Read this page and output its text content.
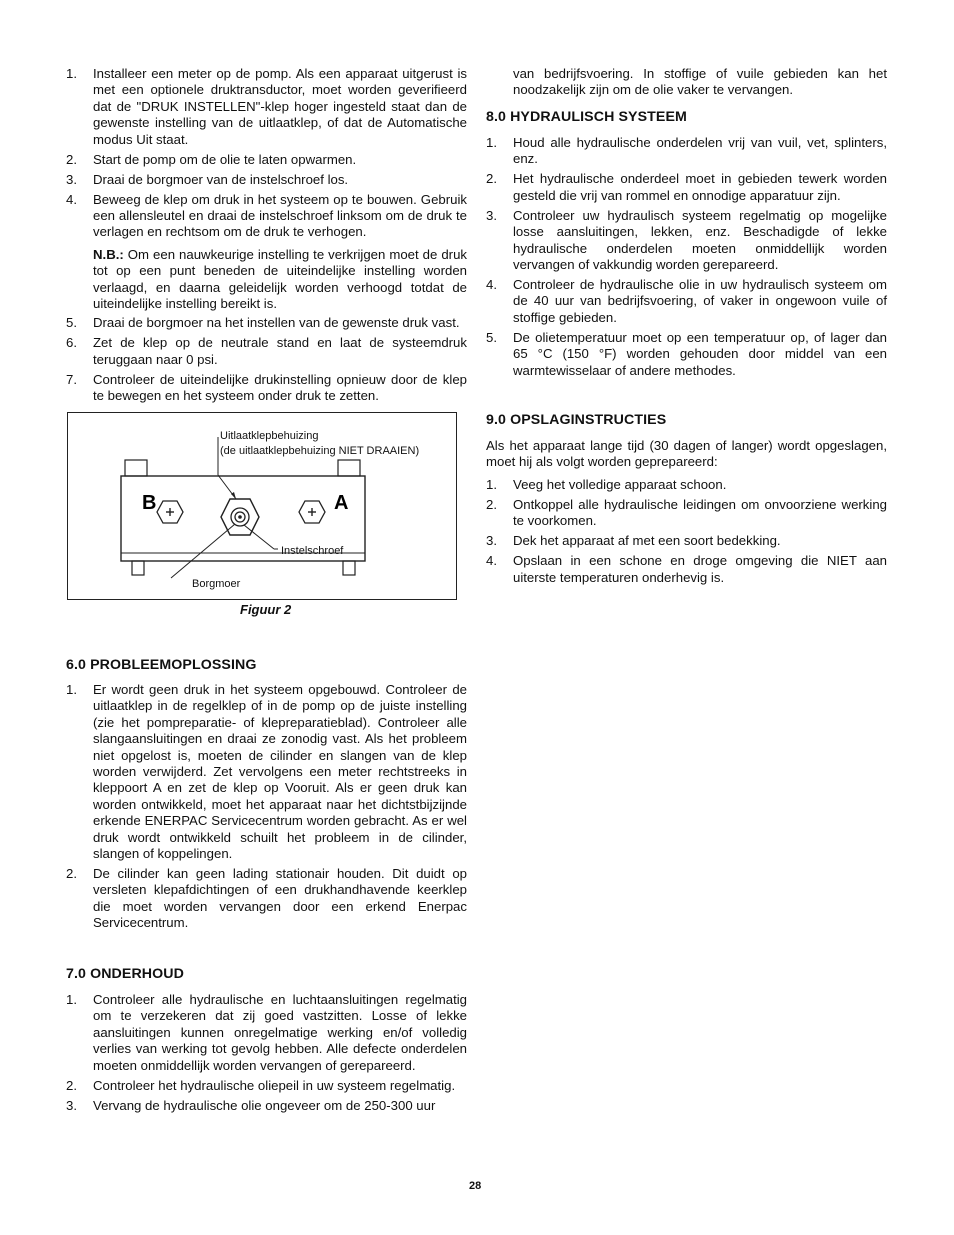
1. Installeer een meter op de pomp. Als een apparaat uitgerust is met een optionele druktransductor, moet worden geverifieerd dat de "DRUK INSTELLEN"-klep hoger ingesteld staat dan de gewenste instelling van de uitlaatklep, of dat de Automatische modus Uit staat.
2. Start de pomp om de olie te laten opwarmen.
3. Draai de borgmoer van de instelschroef los.
4. Beweeg de klep om druk in het systeem op te bouwen. Gebruik een allensleutel en draai de instelschroef linksom om de druk te verlagen en rechtsom om de druk te verhogen.
N.B.: Om een nauwkeurige instelling te verkrijgen moet de druk tot op een punt beneden de uiteindelijke instelling worden verlaagd, en daarna geleidelijk worden verhoogd totdat de uiteindelijke instelling bereikt is.
5. Draai de borgmoer na het instellen van de gewenste druk vast.
6. Zet de klep op de neutrale stand en laat de systeemdruk teruggaan naar 0 psi.
7. Controleer de uiteindelijke drukinstelling opnieuw door de klep te bewegen en het systeem onder druk te zetten.
B	A
Uitlaatklepbehuizing
(de uitlaatklepbehuizing NIET DRAAIEN)
Instelschroef
Borgmoer
Figuur 2
6.0 PROBLEEMOPLOSSING
1. Er wordt geen druk in het systeem opgebouwd. Controleer de uitlaatklep in de regelklep of in de pomp op de juiste instelling (zie het pompreparatie- of klepreparatieblad). Controleer alle slangaansluitingen en draai ze zonodig vast. Als het probleem niet opgelost is, moeten de cilinder en slangen van de klep worden verwijderd. Zet vervolgens een meter rechtstreeks in kleppoort A en zet de klep op Vooruit. Als er geen druk kan worden ontwikkeld, moet het apparaat naar het dichtstbijzijnde erkende ENERPAC Servicecentrum worden gebracht. As er wel druk wordt ontwikkeld schuilt het probleem in de cilinder, slangen of koppelingen.
2. De cilinder kan geen lading stationair houden. Dit duidt op versleten klepafdichtingen of een drukhandhavende keerklep die moet worden vervangen door een erkend Enerpac Servicecentrum.
7.0 ONDERHOUD
1. Controleer alle hydraulische en luchtaansluitingen regelmatig om te verzekeren dat zij goed vastzitten. Losse of lekke aansluitingen kunnen onregelmatige werking en/of volledig verlies van werking tot gevolg hebben. Alle defecte onderdelen moeten onmiddellijk worden vervangen of gerepareerd.
2. Controleer het hydraulische oliepeil in uw systeem regelmatig.
3. Vervang de hydraulische olie ongeveer om de 250-300 uur
van bedrijfsvoering. In stoffige of vuile gebieden kan het noodzakelijk zijn om de olie vaker te vervangen.
8.0 HYDRAULISCH SYSTEEM
1. Houd alle hydraulische onderdelen vrij van vuil, vet, splinters, enz.
2. Het hydraulische onderdeel moet in gebieden tewerk worden gesteld die vrij van rommel en onnodige apparatuur zijn.
3. Controleer uw hydraulisch systeem regelmatig op mogelijke losse aansluitingen, lekken, enz. Beschadigde of lekke hydraulische onderdelen moeten onmiddellijk worden vervangen of vakkundig worden gerepareerd.
4. Controleer de hydraulische olie in uw hydraulisch systeem om de 40 uur van bedrijfsvoering, of vaker in ongewoon vuile of stoffige gebieden.
5. De olietemperatuur moet op een temperatuur op, of lager dan 65 °C (150 °F) worden gehouden door middel van een warmtewisselaar of andere methodes.
9.0 OPSLAGINSTRUCTIES

Als het apparaat lange tijd (30 dagen of langer) wordt opgeslagen, moet hij als volgt worden geprepareerd:

1. Veeg het volledige apparaat schoon.
2. Ontkoppel alle hydraulische leidingen om onvoorziene werking te voorkomen.
3. Dek het apparaat af met een soort bedekking.
4. Opslaan in een schone en droge omgeving die NIET aan uiterste temperaturen onderhevig is.
28
